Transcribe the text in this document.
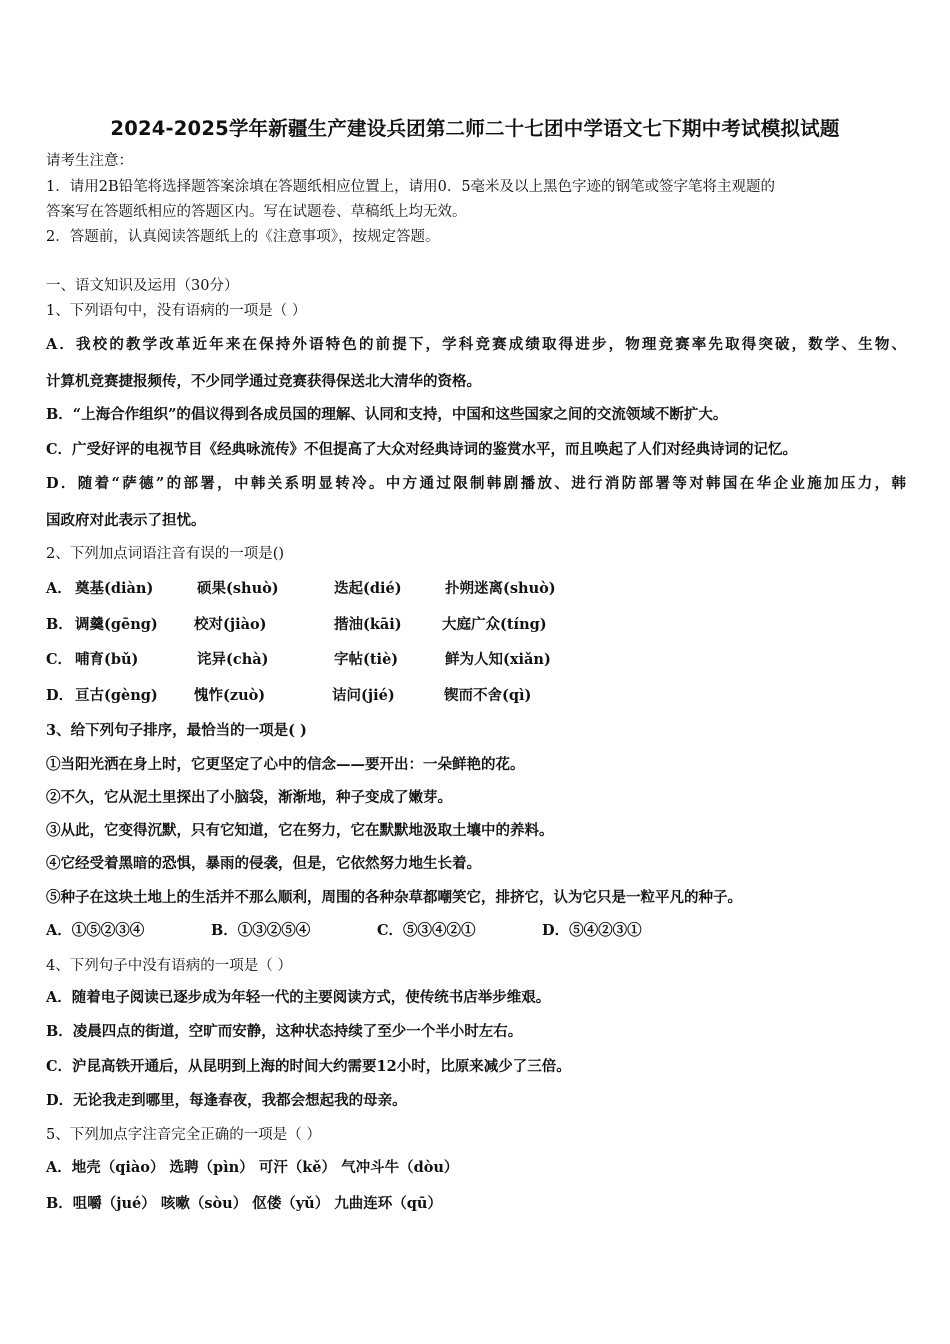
2024-2025学年新疆生产建设兵团第二师二十七团中学语文七下期中考试模拟试题
请考生注意：
1．请用2B铅笔将选择题答案涂填在答题纸相应位置上，请用0．5毫米及以上黑色字迹的钢笔或签字笔将主观题的
答案写在答题纸相应的答题区内。写在试题卷、草稿纸上均无效。
2．答题前，认真阅读答题纸上的《注意事项》，按规定答题。
一、语文知识及运用（30分）
1、下列语句中，没有语病的一项是（ ）
A．我校的教学改革近年来在保持外语特色的前提下，学科竞赛成绩取得进步，物理竞赛率先取得突破，数学、生物、
计算机竞赛捷报频传，不少同学通过竞赛获得保送北大清华的资格。
B．“上海合作组织”的倡议得到各成员国的理解、认同和支持，中国和这些国家之间的交流领域不断扩大。
C．广受好评的电视节目《经典咏流传》不但提高了大众对经典诗词的鉴赏水平，而且唤起了人们对经典诗词的记忆。
D．随着“萨德”的部署，中韩关系明显转冷。中方通过限制韩剧播放、进行消防部署等对韩国在华企业施加压力，韩
国政府对此表示了担忧。
2、下列加点词语注音有误的一项是()
A． 奠基(diàn)	硕果(shuò)	迭起(dié)	扑朔迷离(shuò)
B． 调羹(gēng) 校对(jiào)	揩油(kāi)	大庭广众(tíng)
C． 哺育(bǔ)	诧异(chà)	字帖(tiè)	鲜为人知(xiǎn)
D． 亘古(gèng) 愧怍(zuò)	诘问(jié)	锲而不舍(qì)
3、给下列句子排序，最恰当的一项是( )
①当阳光洒在身上时，它更坚定了心中的信念——要开出：一朵鲜艳的花。
②不久，它从泥土里探出了小脑袋，渐渐地，种子变成了嫩芽。
③从此，它变得沉默，只有它知道，它在努力，它在默默地汲取土壤中的养料。
④它经受着黑暗的恐惧，暴雨的侵袭，但是，它依然努力地生长着。
⑤种子在这块土地上的生活并不那么顺利，周围的各种杂草都嘲笑它，排挤它，认为它只是一粒平凡的种子。
A．①⑤②③④	B．①③②⑤④	C．⑤③④②①	D．⑤④②③①
4、下列句子中没有语病的一项是（ ）
A．随着电子阅读已逐步成为年轻一代的主要阅读方式，使传统书店举步维艰。
B．凌晨四点的街道，空旷而安静，这种状态持续了至少一个半小时左右。
C．沪昆高铁开通后，从昆明到上海的时间大约需要12小时，比原来减少了三倍。
D．无论我走到哪里，每逢春夜，我都会想起我的母亲。
5、下列加点字注音完全正确的一项是（ ）
A．地壳（qiào） 选聘（pìn） 可汗（kě） 气冲斗牛（dòu）
B．咀嚼（jué） 咳嗽（sòu） 伛偻（yǔ） 九曲连环（qū）
